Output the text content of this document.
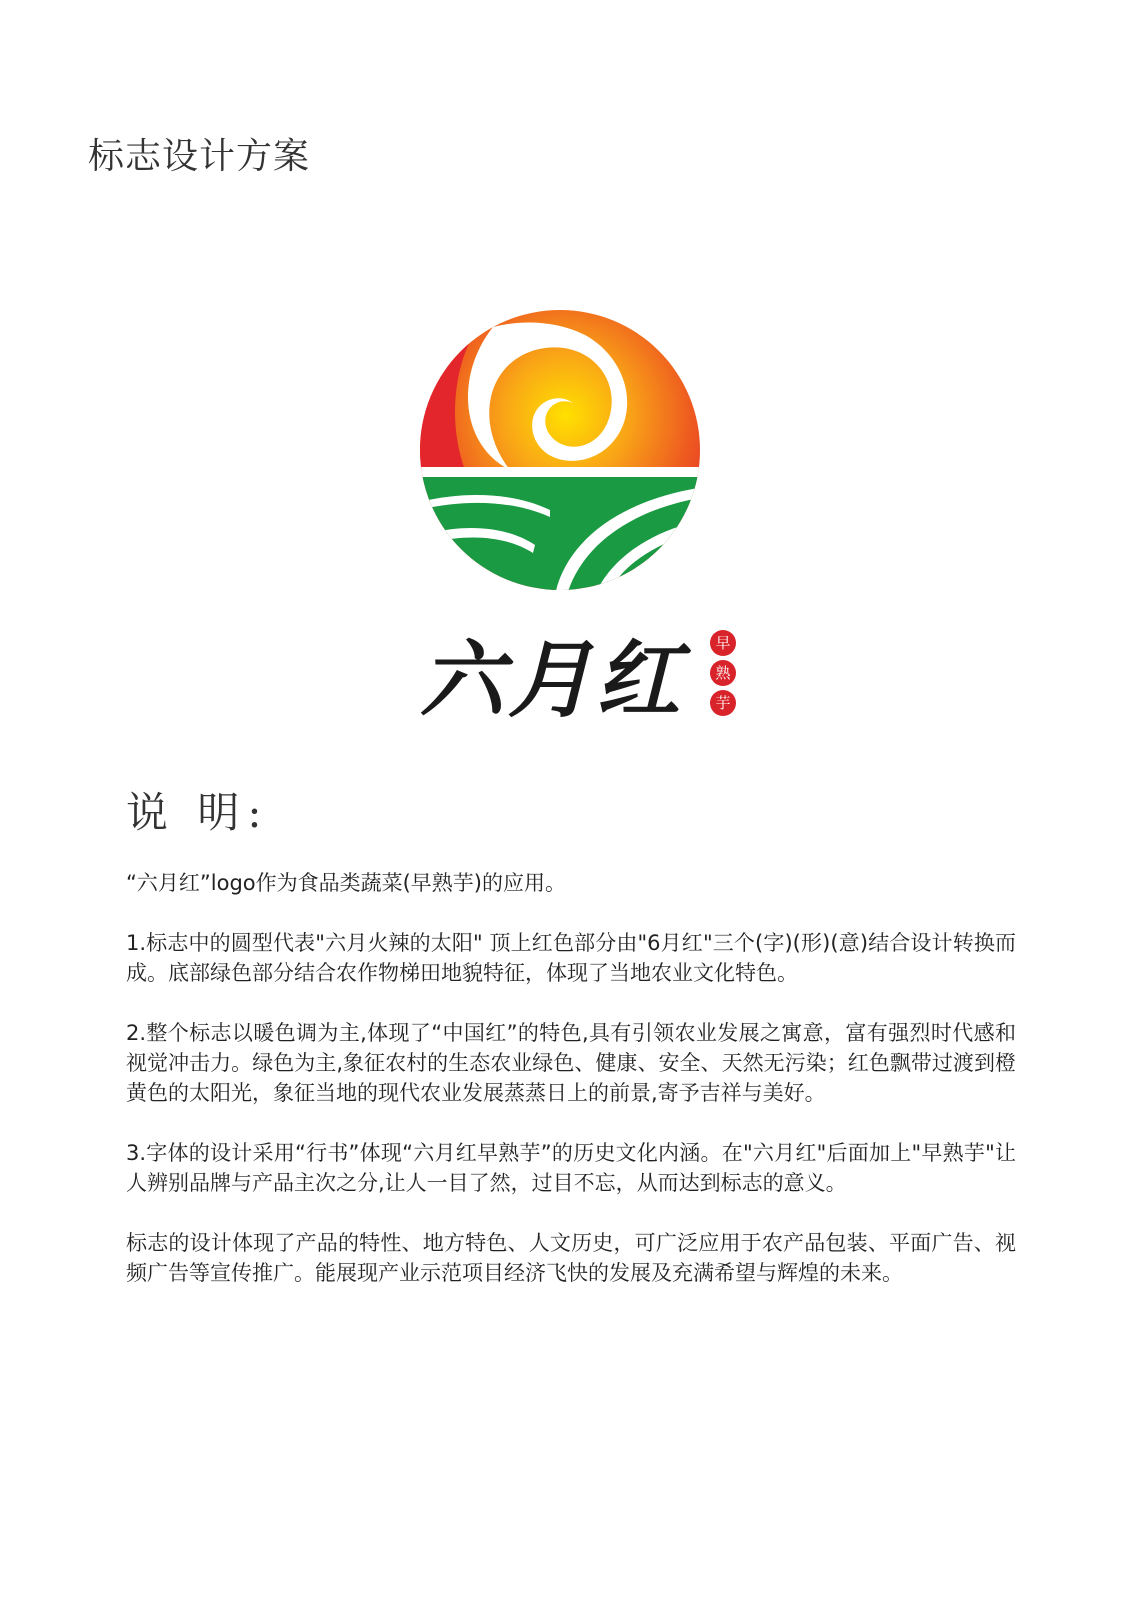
标志设计方案
六月红	早
熟
芋
说 明:

“六月红”logo作为食品类蔬菜(早熟芋)的应用。

1.标志中的圆型代表"六月火辣的太阳" 顶上红色部分由"6月红"三个(字)(形)(意)结合设计转换而成。底部绿色部分结合农作物梯田地貌特征，体现了当地农业文化特色。

2.整个标志以暖色调为主,体现了“中国红”的特色,具有引领农业发展之寓意，富有强烈时代感和视觉冲击力。绿色为主,象征农村的生态农业绿色、健康、安全、天然无污染；红色飘带过渡到橙黄色的太阳光，象征当地的现代农业发展蒸蒸日上的前景,寄予吉祥与美好。

3.字体的设计采用“行书”体现“六月红早熟芋”的历史文化内涵。在"六月红"后面加上"早熟芋"让人辨别品牌与产品主次之分,让人一目了然，过目不忘，从而达到标志的意义。

标志的设计体现了产品的特性、地方特色、人文历史，可广泛应用于农产品包装、平面广告、视频广告等宣传推广。能展现产业示范项目经济飞快的发展及充满希望与辉煌的未来。
